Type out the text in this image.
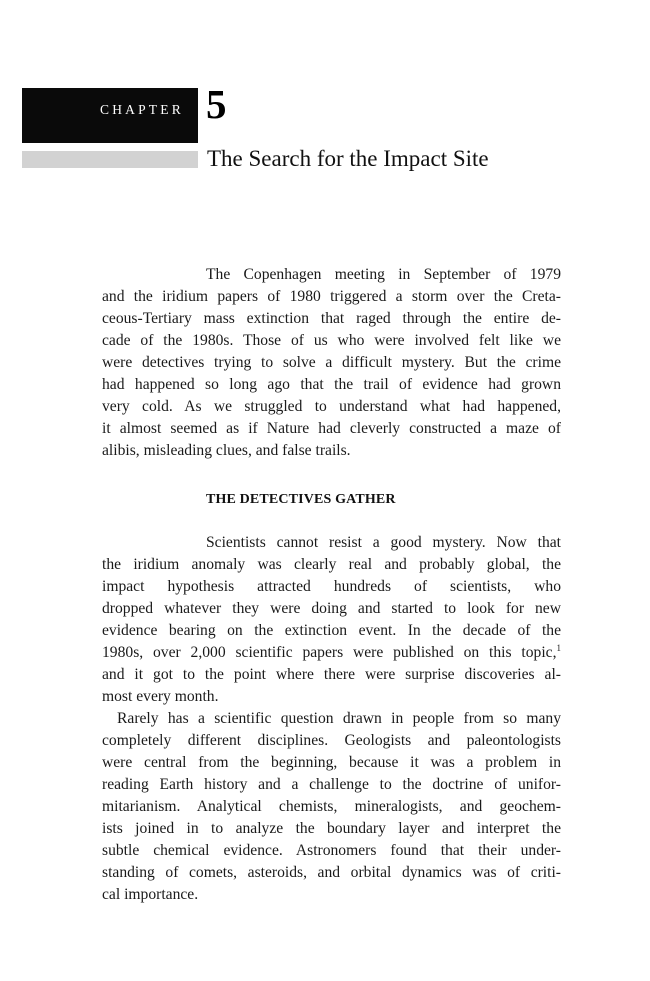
CHAPTER 5
The Search for the Impact Site
The Copenhagen meeting in September of 1979
and the iridium papers of 1980 triggered a storm over the Creta-
ceous-Tertiary mass extinction that raged through the entire de-
cade of the 1980s. Those of us who were involved felt like we
were detectives trying to solve a difficult mystery. But the crime
had happened so long ago that the trail of evidence had grown
very cold. As we struggled to understand what had happened,
it almost seemed as if Nature had cleverly constructed a maze of
alibis, misleading clues, and false trails.
THE DETECTIVES GATHER
Scientists cannot resist a good mystery. Now that
the iridium anomaly was clearly real and probably global, the
impact hypothesis attracted hundreds of scientists, who
dropped whatever they were doing and started to look for new
evidence bearing on the extinction event. In the decade of the
1980s, over 2,000 scientific papers were published on this topic,$^1$
and it got to the point where there were surprise discoveries al-
most every month.
Rarely has a scientific question drawn in people from so many
completely different disciplines. Geologists and paleontologists
were central from the beginning, because it was a problem in
reading Earth history and a challenge to the doctrine of unifor-
mitarianism. Analytical chemists, mineralogists, and geochem-
ists joined in to analyze the boundary layer and interpret the
subtle chemical evidence. Astronomers found that their under-
standing of comets, asteroids, and orbital dynamics was of criti-
cal importance.
